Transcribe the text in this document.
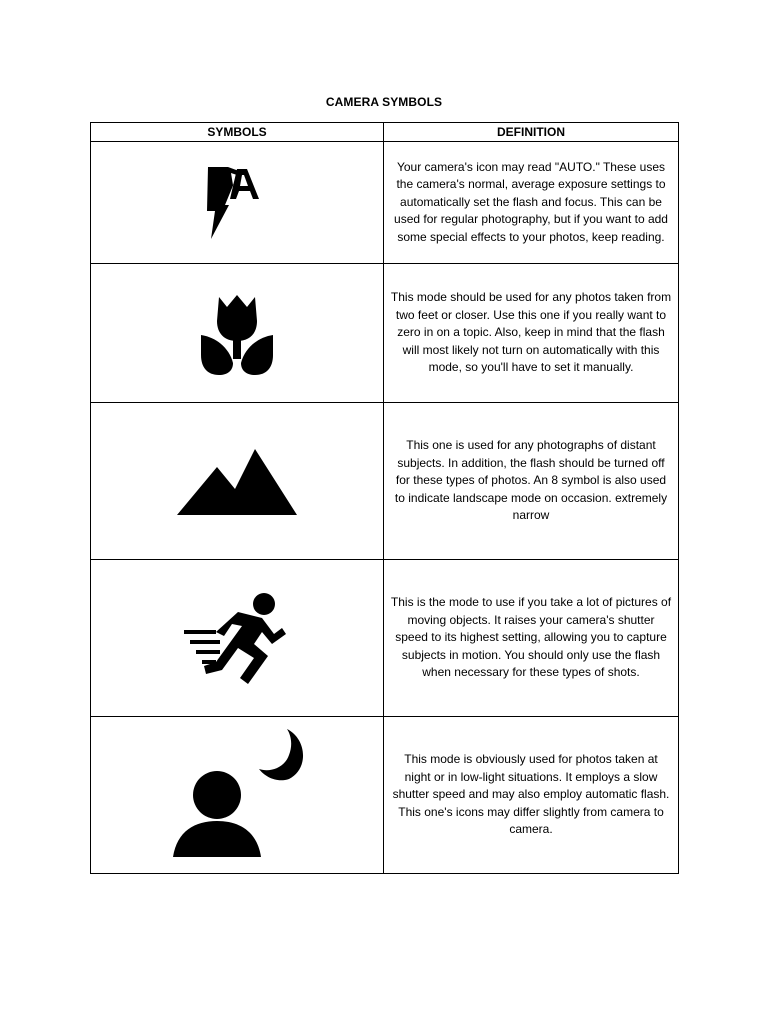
CAMERA SYMBOLS
SYMBOLS	DEFINITION

Your camera's icon may read "AUTO." These uses the camera's normal, average exposure settings to automatically set the flash and focus. This can be used for regular photography, but if you want to add some special effects to your photos, keep reading.

This mode should be used for any photos taken from two feet or closer. Use this one if you really want to zero in on a topic. Also, keep in mind that the flash will most likely not turn on automatically with this mode, so you'll have to set it manually.

This one is used for any photographs of distant subjects. In addition, the flash should be turned off for these types of photos. An 8 symbol is also used to indicate landscape mode on occasion. extremely narrow

This is the mode to use if you take a lot of pictures of moving objects. It raises your camera's shutter speed to its highest setting, allowing you to capture subjects in motion. You should only use the flash when necessary for these types of shots.

This mode is obviously used for photos taken at night or in low-light situations. It employs a slow shutter speed and may also employ automatic flash. This one's icons may differ slightly from camera to camera.
